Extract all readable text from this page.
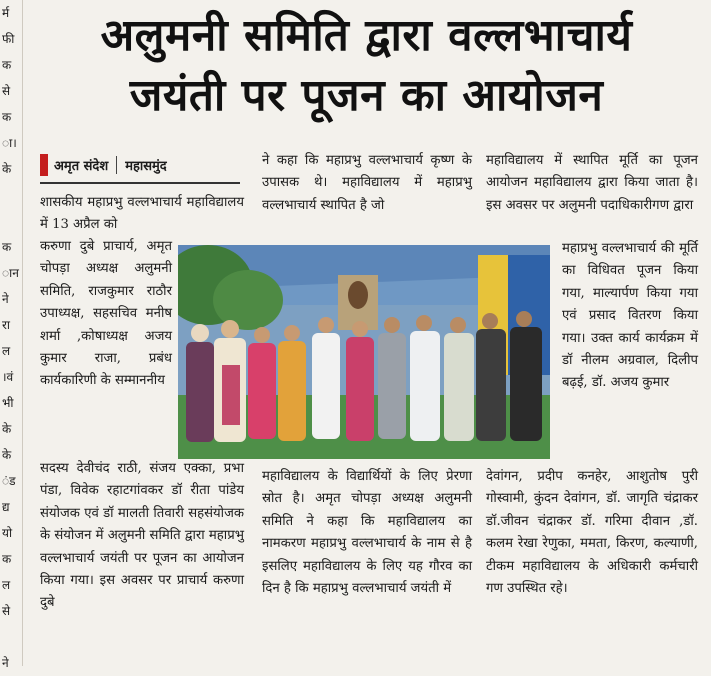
र्म
फी
क
से
क
ा।
के
क
ान
ने
रा
ल
।वं
भी
के
के
ंड
द्य
यो
क
ल
से
ने
अलुमनी समिति द्वारा वल्लभाचार्य
जयंती पर पूजन का आयोजन
अमृत संदेश महासमुंद

शासकीय महाप्रभु वल्लभाचार्य महाविद्यालय में 13 अप्रैल को

करुणा दुबे प्राचार्य, अमृत चोपड़ा अध्यक्ष अलुमनी समिति, राजकुमार राठौर उपाध्यक्ष, सहसचिव मनीष शर्मा ,कोषाध्यक्ष अजय कुमार राजा, प्रबंध कार्यकारिणी के सम्माननीय

सदस्य देवीचंद राठी, संजय एक्का, प्रभा पंडा, विवेक रहाटगांवकर डॉ रीता पांडेय संयोजक एवं डॉ मालती तिवारी सहसंयोजक के संयोजन में अलुमनी समिति द्वारा महाप्रभु वल्लभाचार्य जयंती पर पूजन का आयोजन किया गया। इस अवसर पर प्राचार्य करुणा दुबे

ने कहा कि महाप्रभु वल्लभाचार्य कृष्ण के उपासक थे। महाविद्यालय में महाप्रभु वल्लभाचार्य स्थापित है जो

महाविद्यालय के विद्यार्थियों के लिए प्रेरणा स्रोत है। अमृत चोपड़ा अध्यक्ष अलुमनी समिति ने कहा कि महाविद्यालय का नामकरण महाप्रभु वल्लभाचार्य के नाम से है इसलिए महाविद्यालय के लिए यह गौरव का दिन है कि महाप्रभु वल्लभाचार्य जयंती में

महाविद्यालय में स्थापित मूर्ति का पूजन आयोजन महाविद्यालय द्वारा किया जाता है। इस अवसर पर अलुमनी पदाधिकारीगण द्वारा

महाप्रभु वल्लभाचार्य की मूर्ति का विधिवत पूजन किया गया, माल्यार्पण किया गया एवं प्रसाद वितरण किया गया। उक्त कार्य कार्यक्रम में डॉ नीलम अग्रवाल, दिलीप बढ़ई, डॉ. अजय कुमार

देवांगन, प्रदीप कनहेर, आशुतोष पुरी गोस्वामी, कुंदन देवांगन, डॉ. जागृति चंद्राकर डॉ.जीवन चंद्राकर डॉ. गरिमा दीवान ,डॉ. कलम रेखा रेणुका, ममता, किरण, कल्याणी, टीकम महाविद्यालय के अधिकारी कर्मचारी गण उपस्थित रहे।
